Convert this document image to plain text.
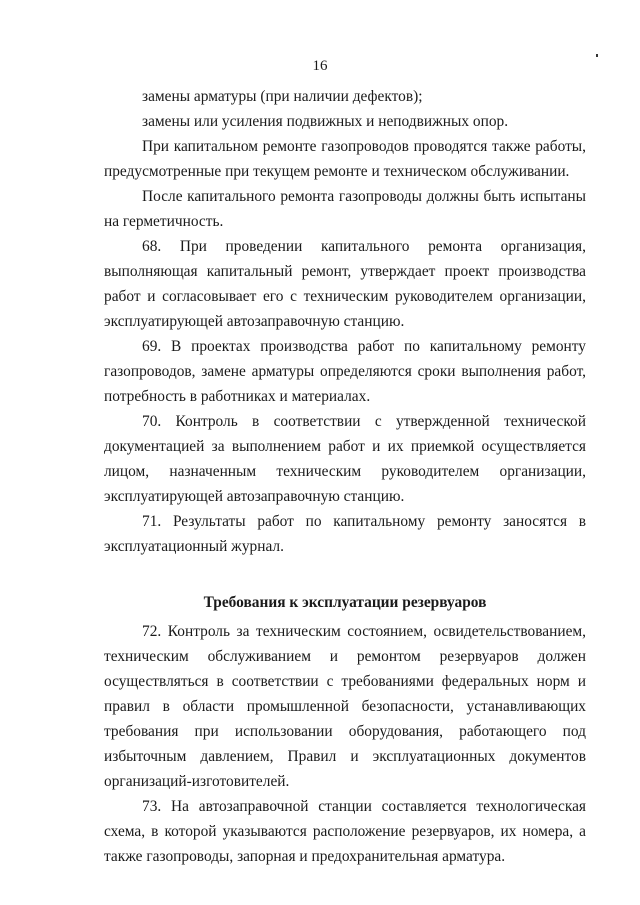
16

замены арматуры (при наличии дефектов);

замены или усиления подвижных и неподвижных опор.

При капитальном ремонте газопроводов проводятся также работы, предусмотренные при текущем ремонте и техническом обслуживании.

После капитального ремонта газопроводы должны быть испытаны на герметичность.

68. При проведении капитального ремонта организация, выполняющая капитальный ремонт, утверждает проект производства работ и согласовывает его с техническим руководителем организации, эксплуатирующей автозаправочную станцию.

69. В проектах производства работ по капитальному ремонту газопроводов, замене арматуры определяются сроки выполнения работ, потребность в работниках и материалах.

70. Контроль в соответствии с утвержденной технической документацией за выполнением работ и их приемкой осуществляется лицом, назначенным техническим руководителем организации, эксплуатирующей автозаправочную станцию.

71. Результаты работ по капитальному ремонту заносятся в эксплуатационный журнал.

Требования к эксплуатации резервуаров

72. Контроль за техническим состоянием, освидетельствованием, техническим обслуживанием и ремонтом резервуаров должен осуществляться в соответствии с требованиями федеральных норм и правил в области промышленной безопасности, устанавливающих требования при использовании оборудования, работающего под избыточным давлением, Правил и эксплуатационных документов организаций-изготовителей.

73. На автозаправочной станции составляется технологическая схема, в которой указываются расположение резервуаров, их номера, а также газопроводы, запорная и предохранительная арматура.
